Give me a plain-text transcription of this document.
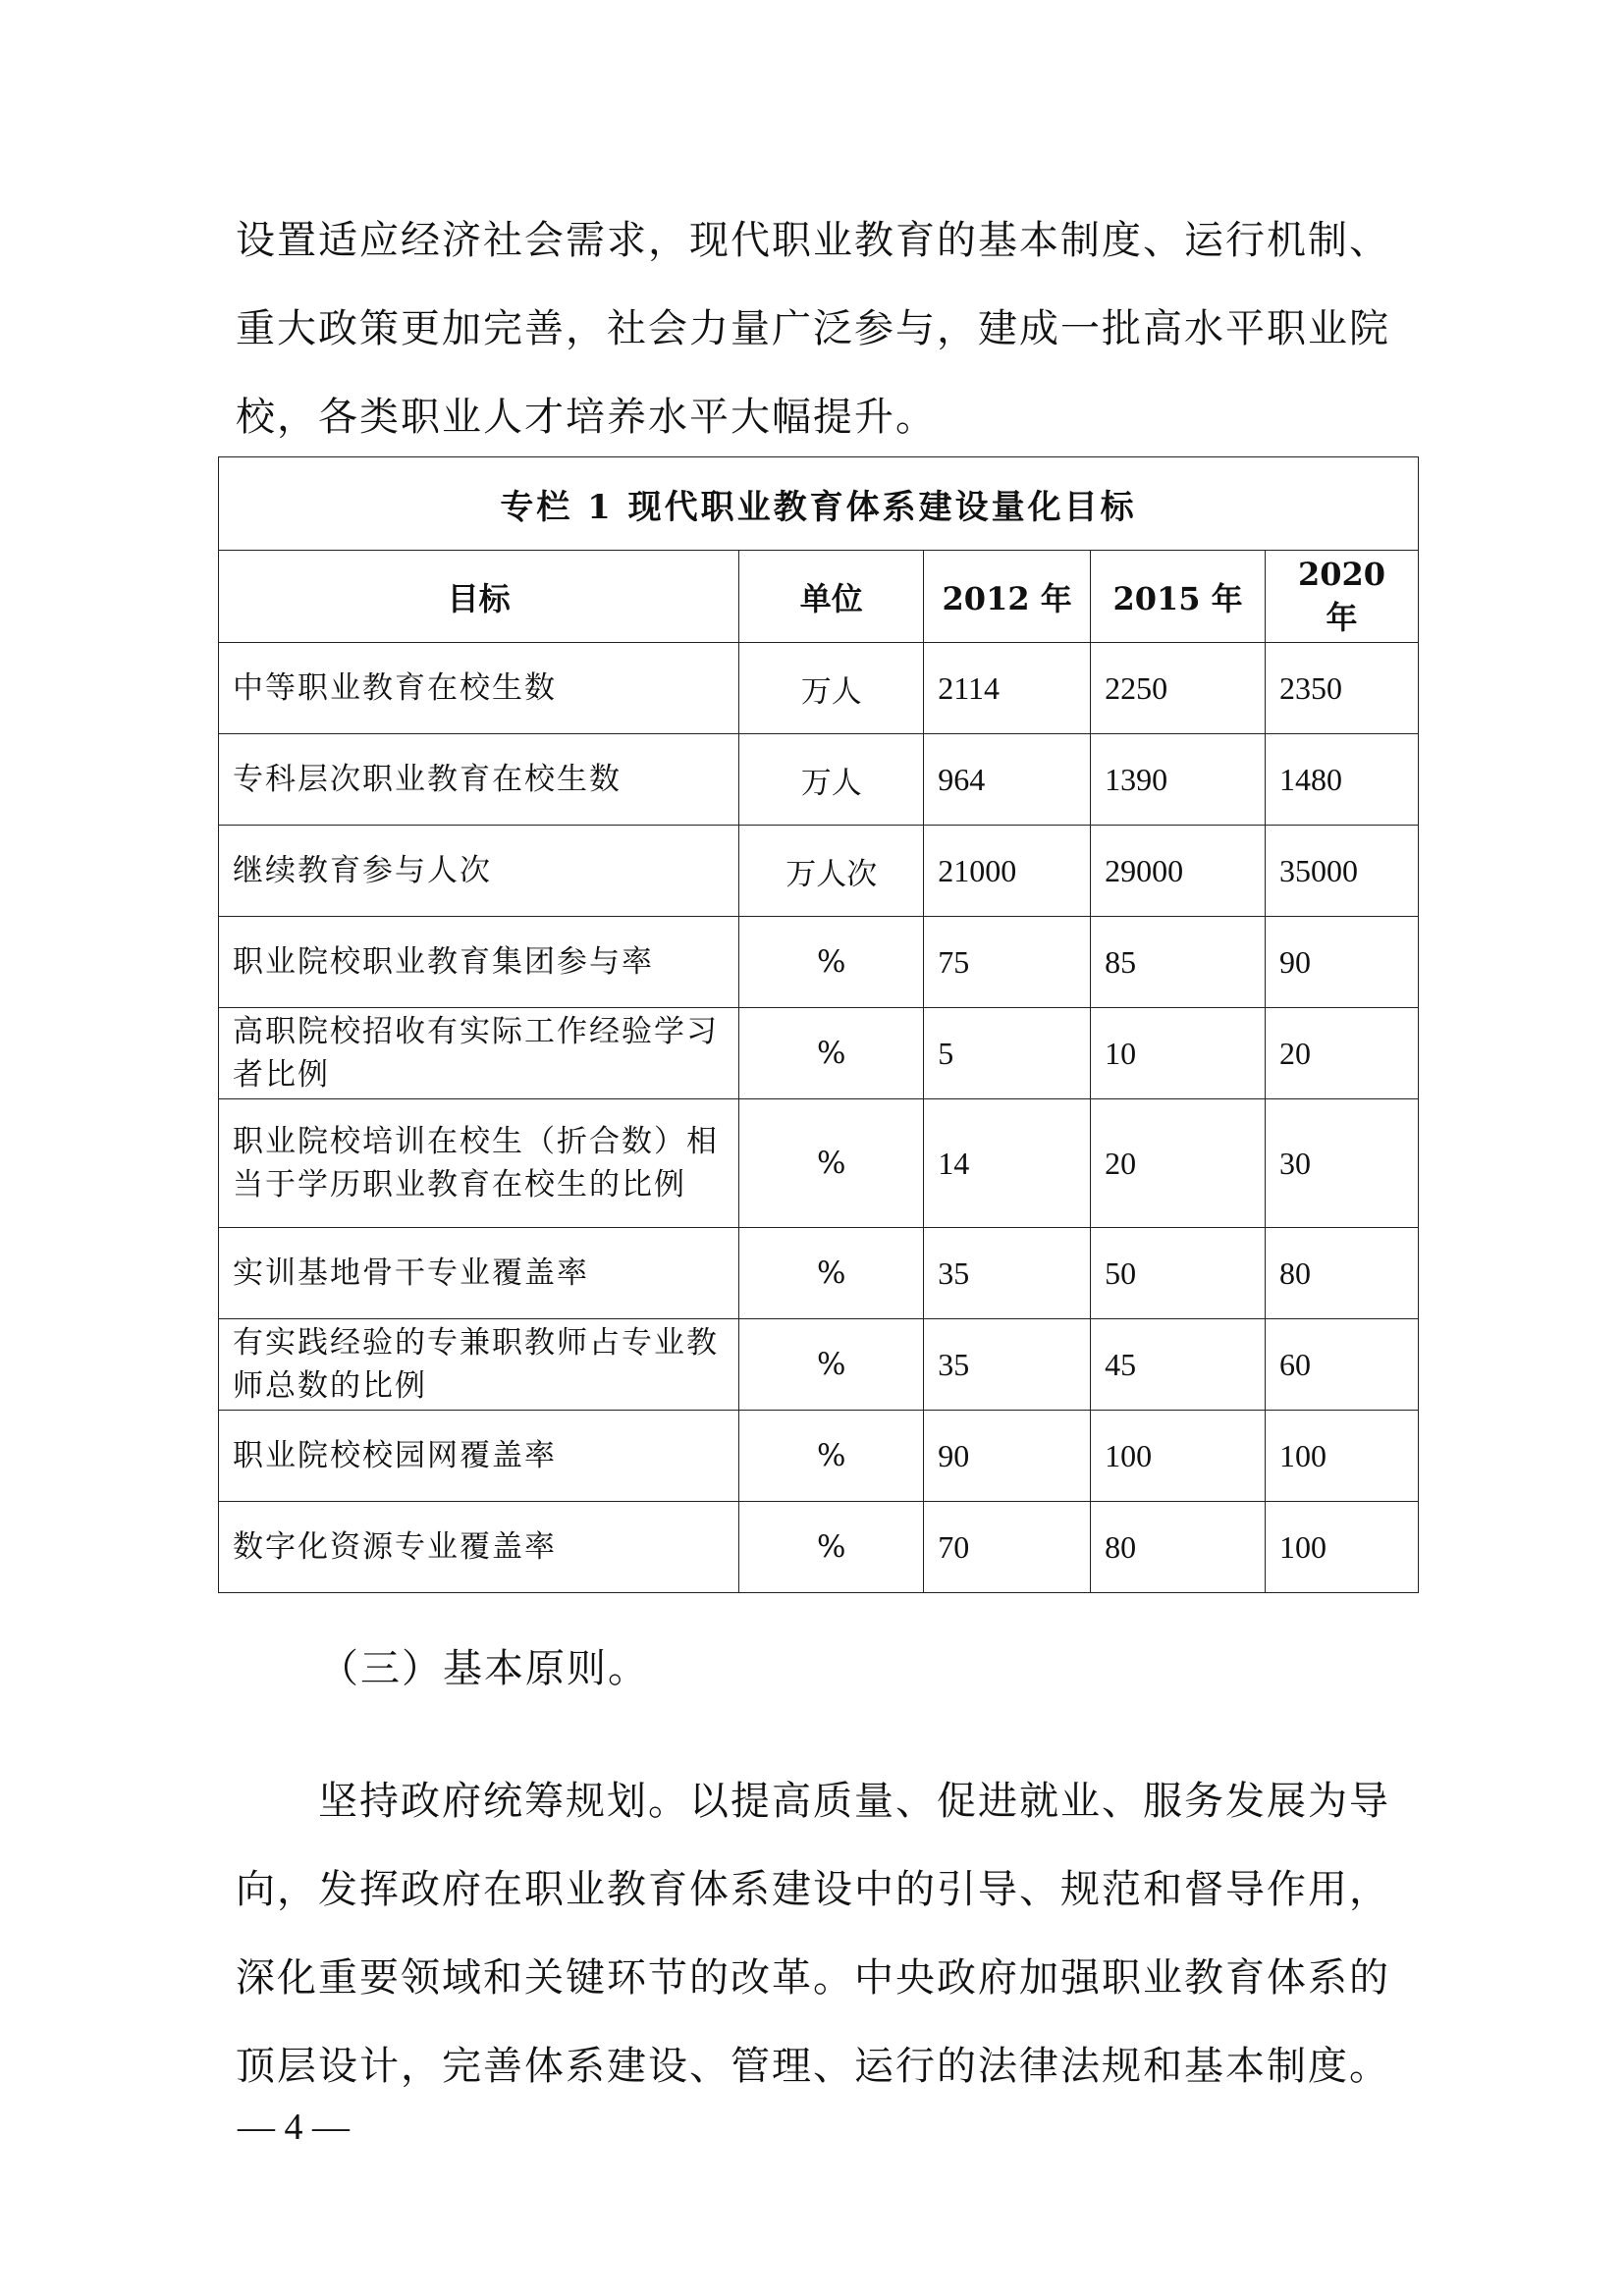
设置适应经济社会需求，现代职业教育的基本制度、运行机制、

重大政策更加完善，社会力量广泛参与，建成一批高水平职业院

校，各类职业人才培养水平大幅提升。

专栏 1 现代职业教育体系建设量化目标				
目标	单位	2012 年	2015 年	2020 年
中等职业教育在校生数	万人	2114	2250	2350
专科层次职业教育在校生数	万人	964	1390	1480
继续教育参与人次	万人次	21000	29000	35000
职业院校职业教育集团参与率	%	75	85	90
高职院校招收有实际工作经验学习者比例	%	5	10	20
职业院校培训在校生（折合数）相当于学历职业教育在校生的比例	%	14	20	30
实训基地骨干专业覆盖率	%	35	50	80
有实践经验的专兼职教师占专业教师总数的比例	%	35	45	60
职业院校校园网覆盖率	%	90	100	100
数字化资源专业覆盖率	%	70	80	100

（三）基本原则。

坚持政府统筹规划。以提高质量、促进就业、服务发展为导

向，发挥政府在职业教育体系建设中的引导、规范和督导作用，

深化重要领域和关键环节的改革。中央政府加强职业教育体系的

顶层设计，完善体系建设、管理、运行的法律法规和基本制度。

— 4 —
